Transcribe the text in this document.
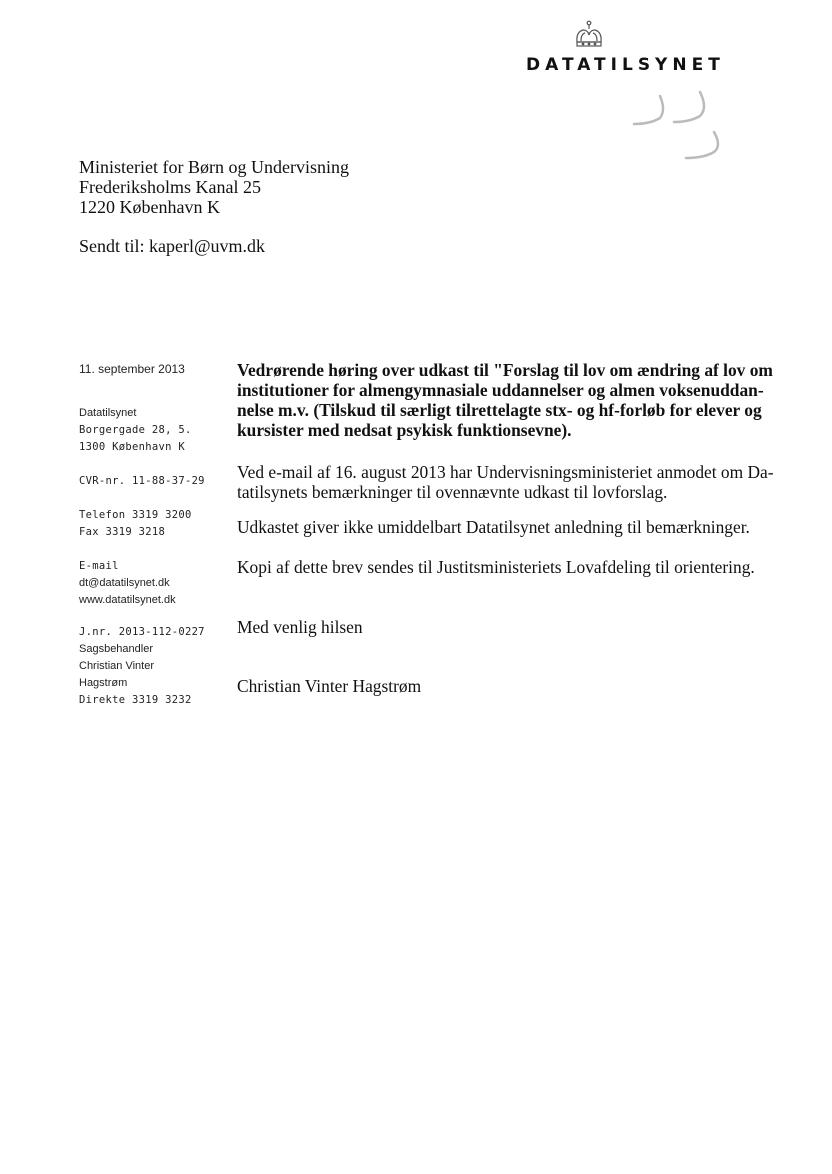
DATATILSYNET
Ministeriet for Børn og Undervisning
Frederiksholms Kanal 25
1220 København K
Sendt til: kaperl@uvm.dk
11. september 2013
Datatilsynet
Borgergade 28, 5.
1300 København K
CVR-nr. 11-88-37-29
Telefon 3319 3200
Fax 3319 3218
E-mail
dt@datatilsynet.dk
www.datatilsynet.dk
J.nr. 2013-112-0227
Sagsbehandler
Christian Vinter
Hagstrøm
Direkte 3319 3232
Vedrørende høring over udkast til "Forslag til lov om ændring af lov om
institutioner for almengymnasiale uddannelser og almen voksenuddan-
nelse m.v. (Tilskud til særligt tilrettelagte stx- og hf-forløb for elever og
kursister med nedsat psykisk funktionsevne).
Ved e-mail af 16. august 2013 har Undervisningsministeriet anmodet om Da-
tatilsynets bemærkninger til ovennævnte udkast til lovforslag.
Udkastet giver ikke umiddelbart Datatilsynet anledning til bemærkninger.
Kopi af dette brev sendes til Justitsministeriets Lovafdeling til orientering.
Med venlig hilsen
Christian Vinter Hagstrøm
